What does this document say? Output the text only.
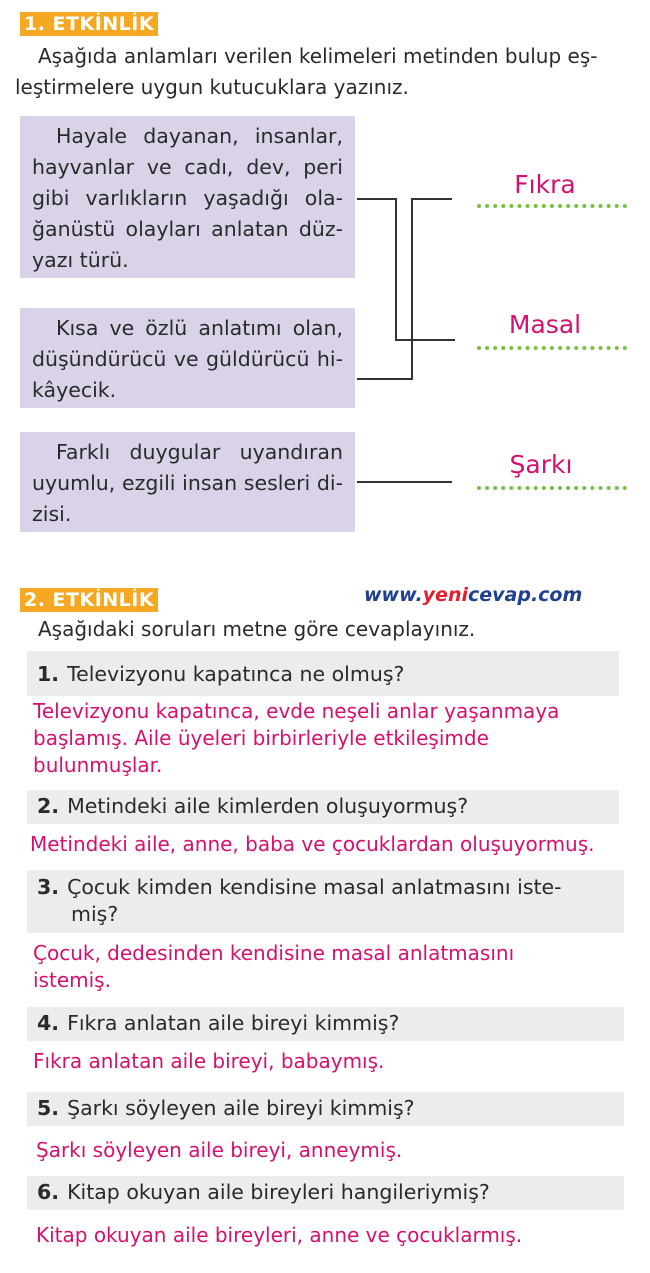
1. ETKİNLİK
Aşağıda anlamları verilen kelimeleri metinden bulup eş-
leştirmelere uygun kutucuklara yazınız.

Hayale dayanan, insanlar, hayvanlar ve cadı, dev, peri gibi varlıkların yaşadığı ola-ğanüstü olayları anlatan düz-yazı türü.

Kısa ve özlü anlatımı olan, düşündürücü ve güldürücü hi-kâyecik.

Farklı duygular uyandıran uyumlu, ezgili insan sesleri di-zisi.

Fıkra
Masal
Şarkı
2. ETKİNLİK	www.yenicevap.com
Aşağıdaki soruları metne göre cevaplayınız.
1. Televizyonu kapatınca ne olmuş?
Televizyonu kapatınca, evde neşeli anlar yaşanmaya başlamış. Aile üyeleri birbirleriyle etkileşimde bulunmuşlar.
2. Metindeki aile kimlerden oluşuyormuş?
Metindeki aile, anne, baba ve çocuklardan oluşuyormuş.
3. Çocuk kimden kendisine masal anlatmasını iste-
miş?
Çocuk, dedesinden kendisine masal anlatmasını istemiş.
4. Fıkra anlatan aile bireyi kimmiş?
Fıkra anlatan aile bireyi, babaymış.
5. Şarkı söyleyen aile bireyi kimmiş?
Şarkı söyleyen aile bireyi, anneymiş.
6. Kitap okuyan aile bireyleri hangileriymiş?
Kitap okuyan aile bireyleri, anne ve çocuklarmış.
